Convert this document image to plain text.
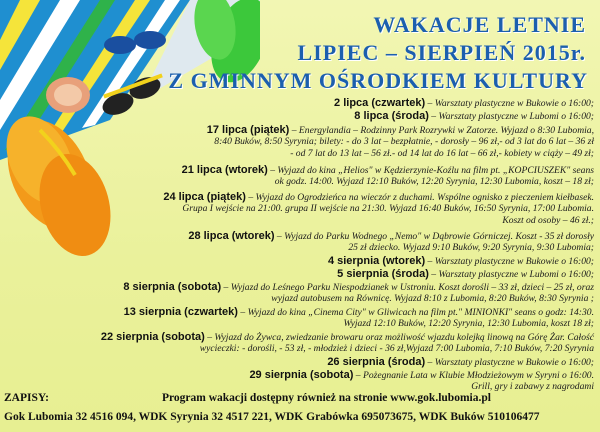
WAKACJE LETNIE
LIPIEC – SIERPIEŃ 2015r.
Z GMINNYM OŚRODKIEM KULTURY
2 lipca (czwartek) – Warsztaty plastyczne w Bukowie o 16:00;
8 lipca (środa) – Warsztaty plastyczne w Lubomi o 16:00;
17 lipca (piątek) – Energylandia – Rodzinny Park Rozrywki w Zatorze. Wyjazd o 8:30 Lubomia,
8:40 Buków, 8:50 Syrynia; bilety: - do 3 lat – bezpłatnie, - dorosły – 96 zł,- od 3 lat do 6 lat – 36 zł
- od 7 lat do 13 lat – 56 zł.- od 14 lat do 16 lat – 66 zł,- kobiety w ciąży – 49 zł;
21 lipca (wtorek) – Wyjazd do kina „Helios" w Kędzierzynie-Koźlu na film pt. „KOPCIUSZEK" seans
ok godz. 14:00. Wyjazd 12:10 Buków, 12:20 Syrynia, 12:30 Lubomia, koszt – 18 zł;
24 lipca (piątek) – Wyjazd do Ogrodzieńca na wieczór z duchami. Wspólne ognisko z pieczeniem kiełbasek.
Grupa I wejście na 21:00. grupa II wejście na 21:30. Wyjazd 16:40 Buków, 16:50 Syrynia, 17:00 Lubomia.
Koszt od osoby – 46 zł.;
28 lipca (wtorek) – Wyjazd do Parku Wodnego „Nemo" w Dąbrowie Górniczej. Koszt - 35 zł dorosły
25 zł dziecko. Wyjazd 9:10 Buków, 9:20 Syrynia, 9:30 Lubomia;
4 sierpnia (wtorek) – Warsztaty plastyczne w Bukowie o 16:00;
5 sierpnia (środa) – Warsztaty plastyczne w Lubomi o 16:00;
8 sierpnia (sobota) – Wyjazd do Leśnego Parku Niespodzianek w Ustroniu. Koszt dorośli – 33 zł, dzieci – 25 zł, oraz
wyjazd autobusem na Równicę. Wyjazd 8:10 z Lubomia, 8:20 Buków, 8:30 Syrynia ;
13 sierpnia (czwartek) – Wyjazd do kina „Cinema City" w Gliwicach na film pt." MINIONKI" seans o godz: 14:30.
Wyjazd 12:10 Buków, 12:20 Syrynia, 12:30 Lubomia, koszt 18 zł;
22 sierpnia (sobota) – Wyjazd do Żywca, zwiedzanie browaru oraz możliwość wjazdu kolejką linową na Górę Żar. Całość
wycieczki: - dorośli, - 53 zł, - młodzież i dzieci - 36 zł,Wyjazd 7:00 Lubomia, 7:10 Buków, 7:20 Syrynia
26 sierpnia (środa) – Warsztaty plastyczne w Bukowie o 16:00;
29 sierpnia (sobota) – Pożegnanie Lata w Klubie Młodzieżowym w Syryni o 16:00.
Grill, gry i zabawy z nagrodami
ZAPISY:	Program wakacji dostępny również na stronie www.gok.lubomia.pl
Gok Lubomia 32 4516 094, WDK Syrynia 32 4517 221, WDK Grabówka 695073675, WDK Buków 510106477
